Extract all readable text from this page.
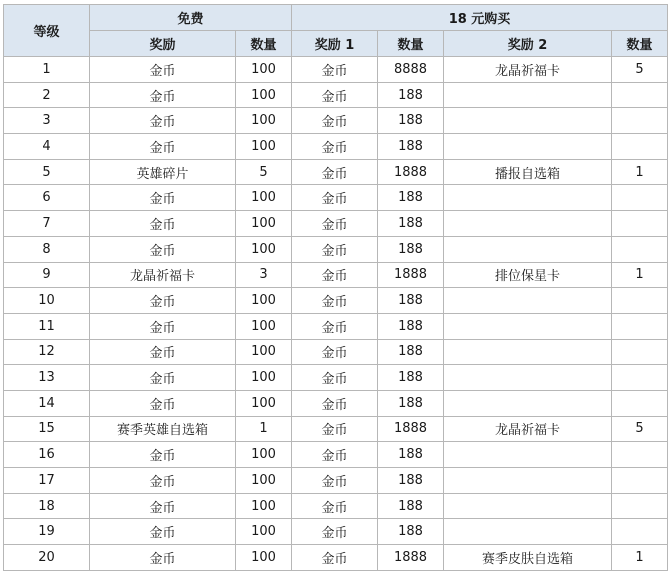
等级	免费		18 元购买			
	奖励	数量	奖励 1	数量	奖励 2	数量
1	金币	100	金币	8888	龙晶祈福卡	5
2	金币	100	金币	188		
3	金币	100	金币	188		
4	金币	100	金币	188		
5	英雄碎片	5	金币	1888	播报自选箱	1
6	金币	100	金币	188		
7	金币	100	金币	188		
8	金币	100	金币	188		
9	龙晶祈福卡	3	金币	1888	排位保星卡	1
10	金币	100	金币	188		
11	金币	100	金币	188		
12	金币	100	金币	188		
13	金币	100	金币	188		
14	金币	100	金币	188		
15	赛季英雄自选箱	1	金币	1888	龙晶祈福卡	5
16	金币	100	金币	188		
17	金币	100	金币	188		
18	金币	100	金币	188		
19	金币	100	金币	188		
20	金币	100	金币	1888	赛季皮肤自选箱	1
